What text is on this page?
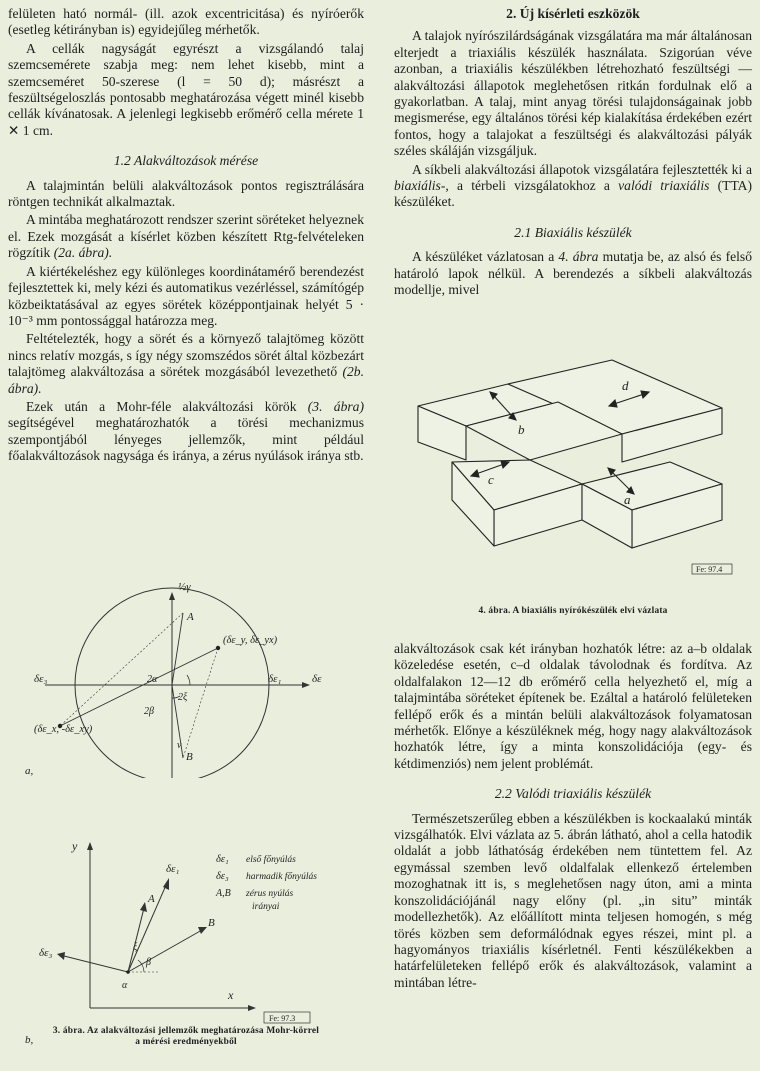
felületen ható normál- (ill. azok excentricitása) és nyíróerők (esetleg kétirányban is) egyidejűleg mérhetők.

A cellák nagyságát egyrészt a vizsgálandó talaj szemcsemérete szabja meg: nem lehet kisebb, mint a szemcseméret 50-szerese (l = 50 d); másrészt a feszültségeloszlás pontosabb meghatározása végett minél kisebb cellák kívánatosak. A jelenlegi legkisebb erőmérő cella mérete 1 ✕ 1 cm.

1.2 Alakváltozások mérése

A talajmintán belüli alakváltozások pontos regisztrálására röntgen technikát alkalmaztak.

A mintába meghatározott rendszer szerint söréteket helyeznek el. Ezek mozgását a kísérlet közben készített Rtg-felvételeken rögzítik (2a. ábra).

A kiértékeléshez egy különleges koordinátamérő berendezést fejlesztettek ki, mely kézi és automatikus vezérléssel, számítógép közbeiktatásával az egyes sörétek középpontjainak helyét 5 · 10⁻³ mm pontossággal határozza meg.

Feltételezték, hogy a sörét és a környező talajtömeg között nincs relatív mozgás, s így négy szomszédos sörét által közbezárt talajtömeg alakváltozása a sörétek mozgásából levezethető (2b. ábra).

Ezek után a Mohr-féle alakváltozási körök (3. ábra) segítségével meghatározhatók a törési mechanizmus szempontjából lényeges jellemzők, mint például főalakváltozások nagysága és iránya, a zérus nyúlások iránya stb.

½γ
A
B
(δε_y, δε_yx)
(δε_x, -δε_xy)
δε₃	δε₁	δε
2α
2ξ
2β
ν
a,
y
x
δε₁
δε₃
A
B
ξ
β
α
b,
δε₁ első főnyúlás
δε₃ harmadik főnyúlás
A,B zérus nyúlás
irányai
Fe: 97.3
3. ábra. Az alakváltozási jellemzők meghatározása Mohr-körrel
a mérési eredményekből
2. Új kísérleti eszközök

A talajok nyírószilárdságának vizsgálatára ma már általánosan elterjedt a triaxiális készülék használata. Szigorúan véve azonban, a triaxiális készülékben létrehozható feszültségi — alakváltozási állapotok meglehetősen ritkán fordulnak elő a gyakorlatban. A talaj, mint anyag törési tulajdonságainak jobb megismerése, egy általános törési kép kialakítása érdekében ezért fontos, hogy a talajokat a feszültségi és alakváltozási pályák széles skáláján vizsgáljuk.

A síkbeli alakváltozási állapotok vizsgálatára fejlesztették ki a biaxiális-, a térbeli vizsgálatokhoz a valódi triaxiális (TTA) készüléket.

2.1 Biaxiális készülék

A készüléket vázlatosan a 4. ábra mutatja be, az alsó és felső határoló lapok nélkül. A berendezés a síkbeli alakváltozás modellje, mivel

b
d
c
a
Fe: 97.4
4. ábra. A biaxiális nyírókészülék elvi vázlata

alakváltozások csak két irányban hozhatók létre: az a–b oldalak közeledése esetén, c–d oldalak távolodnak és fordítva. Az oldalfalakon 12—12 db erőmérő cella helyezhető el, míg a talajmintába söréteket építenek be. Ezáltal a határoló felületeken fellépő erők és a mintán belüli alakváltozások folyamatosan mérhetők. Előnye a készüléknek még, hogy nagy alakváltozások hozhatók létre, így a minta konszolidációja (egy- és kétdimenziós) nem jelent problémát.

2.2 Valódi triaxiális készülék

Természetszerűleg ebben a készülékben is kockaalakú minták vizsgálhatók. Elvi vázlata az 5. ábrán látható, ahol a cella hatodik oldalát a jobb láthatóság érdekében nem tüntettem fel. Az egymással szemben levő oldalfalak ellenkező értelemben mozoghatnak itt is, s meglehetősen nagy úton, ami a minta konszolidációjánál nagy előny (pl. „in situ” minták modellezhetők). Az előállított minta teljesen homogén, s még törés közben sem deformálódnak egyes részei, mint pl. a hagyományos triaxiális kísérletnél. Fenti készülékekben a határfelületeken fellépő erők és alakváltozások, valamint a mintában létre-
